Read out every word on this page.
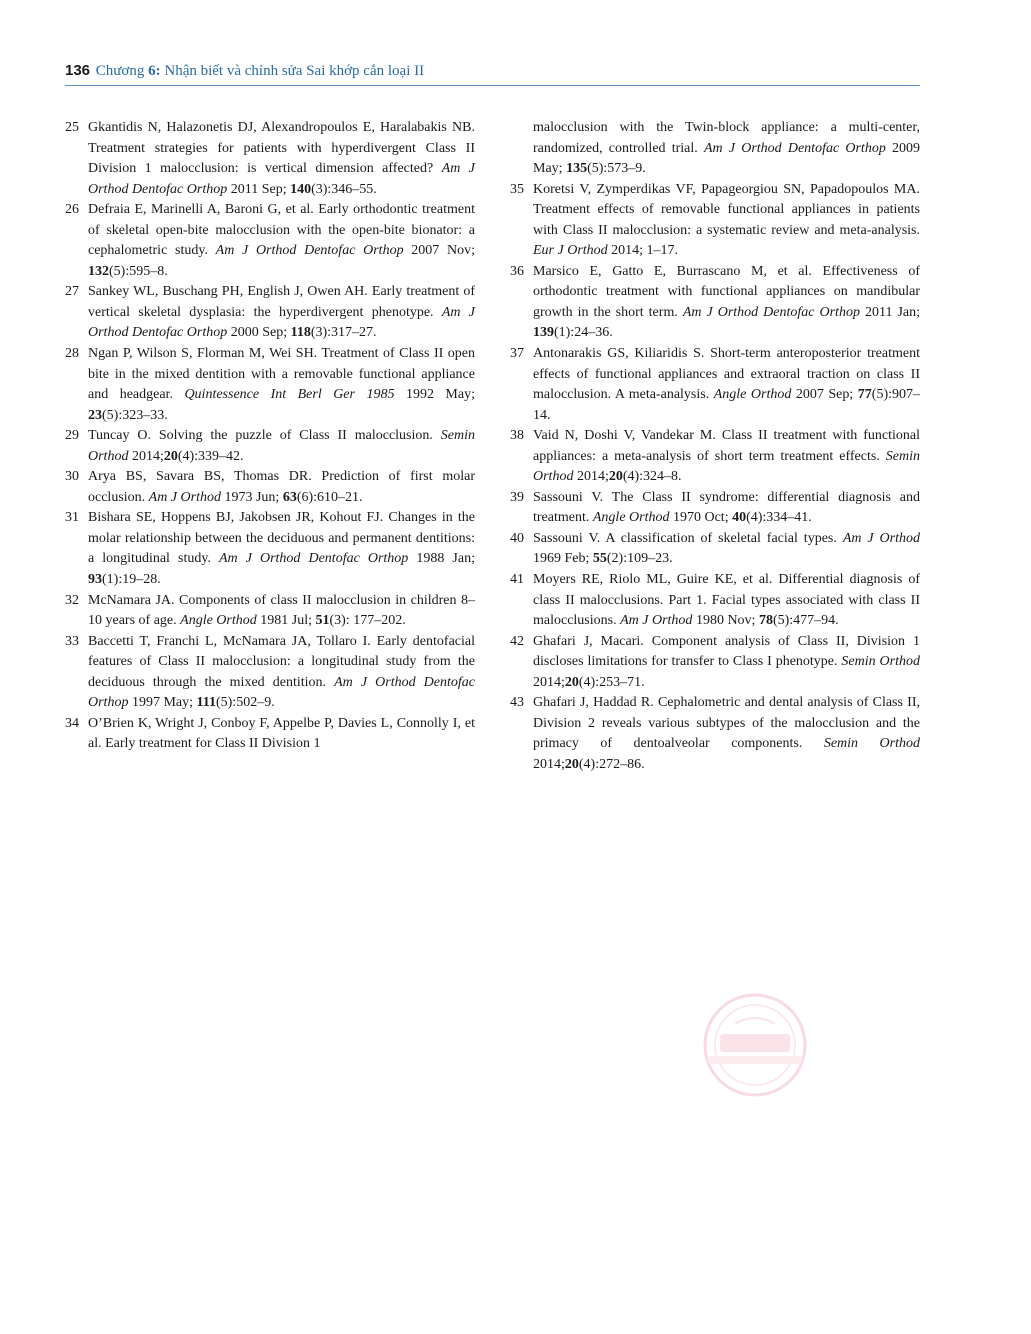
136 Chương 6: Nhận biết và chỉnh sửa Sai khớp cắn loại II
25 Gkantidis N, Halazonetis DJ, Alexandropoulos E, Haralabakis NB. Treatment strategies for patients with hyperdivergent Class II Division 1 malocclusion: is vertical dimension affected? Am J Orthod Dentofac Orthop 2011 Sep; 140(3):346–55.
26 Defraia E, Marinelli A, Baroni G, et al. Early orthodontic treatment of skeletal open-bite malocclusion with the open-bite bionator: a cephalometric study. Am J Orthod Dentofac Orthop 2007 Nov; 132(5):595–8.
27 Sankey WL, Buschang PH, English J, Owen AH. Early treatment of vertical skeletal dysplasia: the hyperdivergent phenotype. Am J Orthod Dentofac Orthop 2000 Sep; 118(3):317–27.
28 Ngan P, Wilson S, Florman M, Wei SH. Treatment of Class II open bite in the mixed dentition with a removable functional appliance and headgear. Quintessence Int Berl Ger 1985 1992 May; 23(5):323–33.
29 Tuncay O. Solving the puzzle of Class II malocclusion. Semin Orthod 2014;20(4):339–42.
30 Arya BS, Savara BS, Thomas DR. Prediction of first molar occlusion. Am J Orthod 1973 Jun; 63(6):610–21.
31 Bishara SE, Hoppens BJ, Jakobsen JR, Kohout FJ. Changes in the molar relationship between the deciduous and permanent dentitions: a longitudinal study. Am J Orthod Dentofac Orthop 1988 Jan; 93(1):19–28.
32 McNamara JA. Components of class II malocclusion in children 8–10 years of age. Angle Orthod 1981 Jul; 51(3): 177–202.
33 Baccetti T, Franchi L, McNamara JA, Tollaro I. Early dentofacial features of Class II malocclusion: a longitudinal study from the deciduous through the mixed dentition. Am J Orthod Dentofac Orthop 1997 May; 111(5):502–9.
34 O’Brien K, Wright J, Conboy F, Appelbe P, Davies L, Connolly I, et al. Early treatment for Class II Division 1
malocclusion with the Twin-block appliance: a multi-center, randomized, controlled trial. Am J Orthod Dentofac Orthop 2009 May; 135(5):573–9.
35 Koretsi V, Zymperdikas VF, Papageorgiou SN, Papadopoulos MA. Treatment effects of removable functional appliances in patients with Class II malocclusion: a systematic review and meta-analysis. Eur J Orthod 2014; 1–17.
36 Marsico E, Gatto E, Burrascano M, et al. Effectiveness of orthodontic treatment with functional appliances on mandibular growth in the short term. Am J Orthod Dentofac Orthop 2011 Jan; 139(1):24–36.
37 Antonarakis GS, Kiliaridis S. Short-term anteroposterior treatment effects of functional appliances and extraoral traction on class II malocclusion. A meta-analysis. Angle Orthod 2007 Sep; 77(5):907–14.
38 Vaid N, Doshi V, Vandekar M. Class II treatment with functional appliances: a meta-analysis of short term treatment effects. Semin Orthod 2014;20(4):324–8.
39 Sassouni V. The Class II syndrome: differential diagnosis and treatment. Angle Orthod 1970 Oct; 40(4):334–41.
40 Sassouni V. A classification of skeletal facial types. Am J Orthod 1969 Feb; 55(2):109–23.
41 Moyers RE, Riolo ML, Guire KE, et al. Differential diagnosis of class II malocclusions. Part 1. Facial types associated with class II malocclusions. Am J Orthod 1980 Nov; 78(5):477–94.
42 Ghafari J, Macari. Component analysis of Class II, Division 1 discloses limitations for transfer to Class I phenotype. Semin Orthod 2014;20(4):253–71.
43 Ghafari J, Haddad R. Cephalometric and dental analysis of Class II, Division 2 reveals various subtypes of the malocclusion and the primacy of dentoalveolar components. Semin Orthod 2014;20(4):272–86.
